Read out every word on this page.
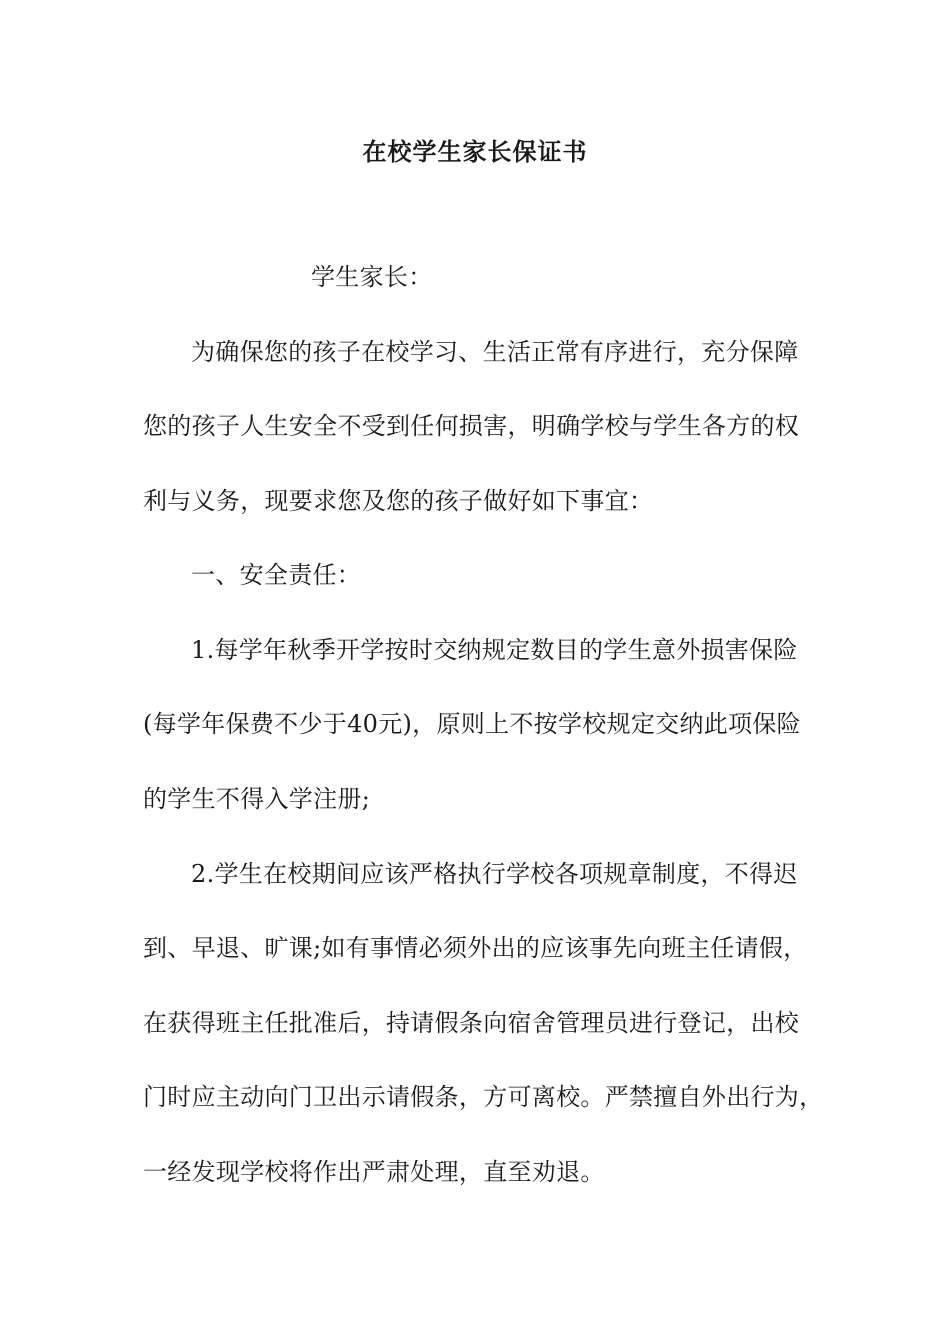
在校学生家长保证书
学生家长：
为确保您的孩子在校学习、生活正常有序进行，充分保障
您的孩子人生安全不受到任何损害，明确学校与学生各方的权
利与义务，现要求您及您的孩子做好如下事宜：
一、安全责任：
1.每学年秋季开学按时交纳规定数目的学生意外损害保险
(每学年保费不少于40元)，原则上不按学校规定交纳此项保险
的学生不得入学注册;
2.学生在校期间应该严格执行学校各项规章制度，不得迟
到、早退、旷课;如有事情必须外出的应该事先向班主任请假，
在获得班主任批准后，持请假条向宿舍管理员进行登记，出校
门时应主动向门卫出示请假条，方可离校。严禁擅自外出行为，
一经发现学校将作出严肃处理，直至劝退。
